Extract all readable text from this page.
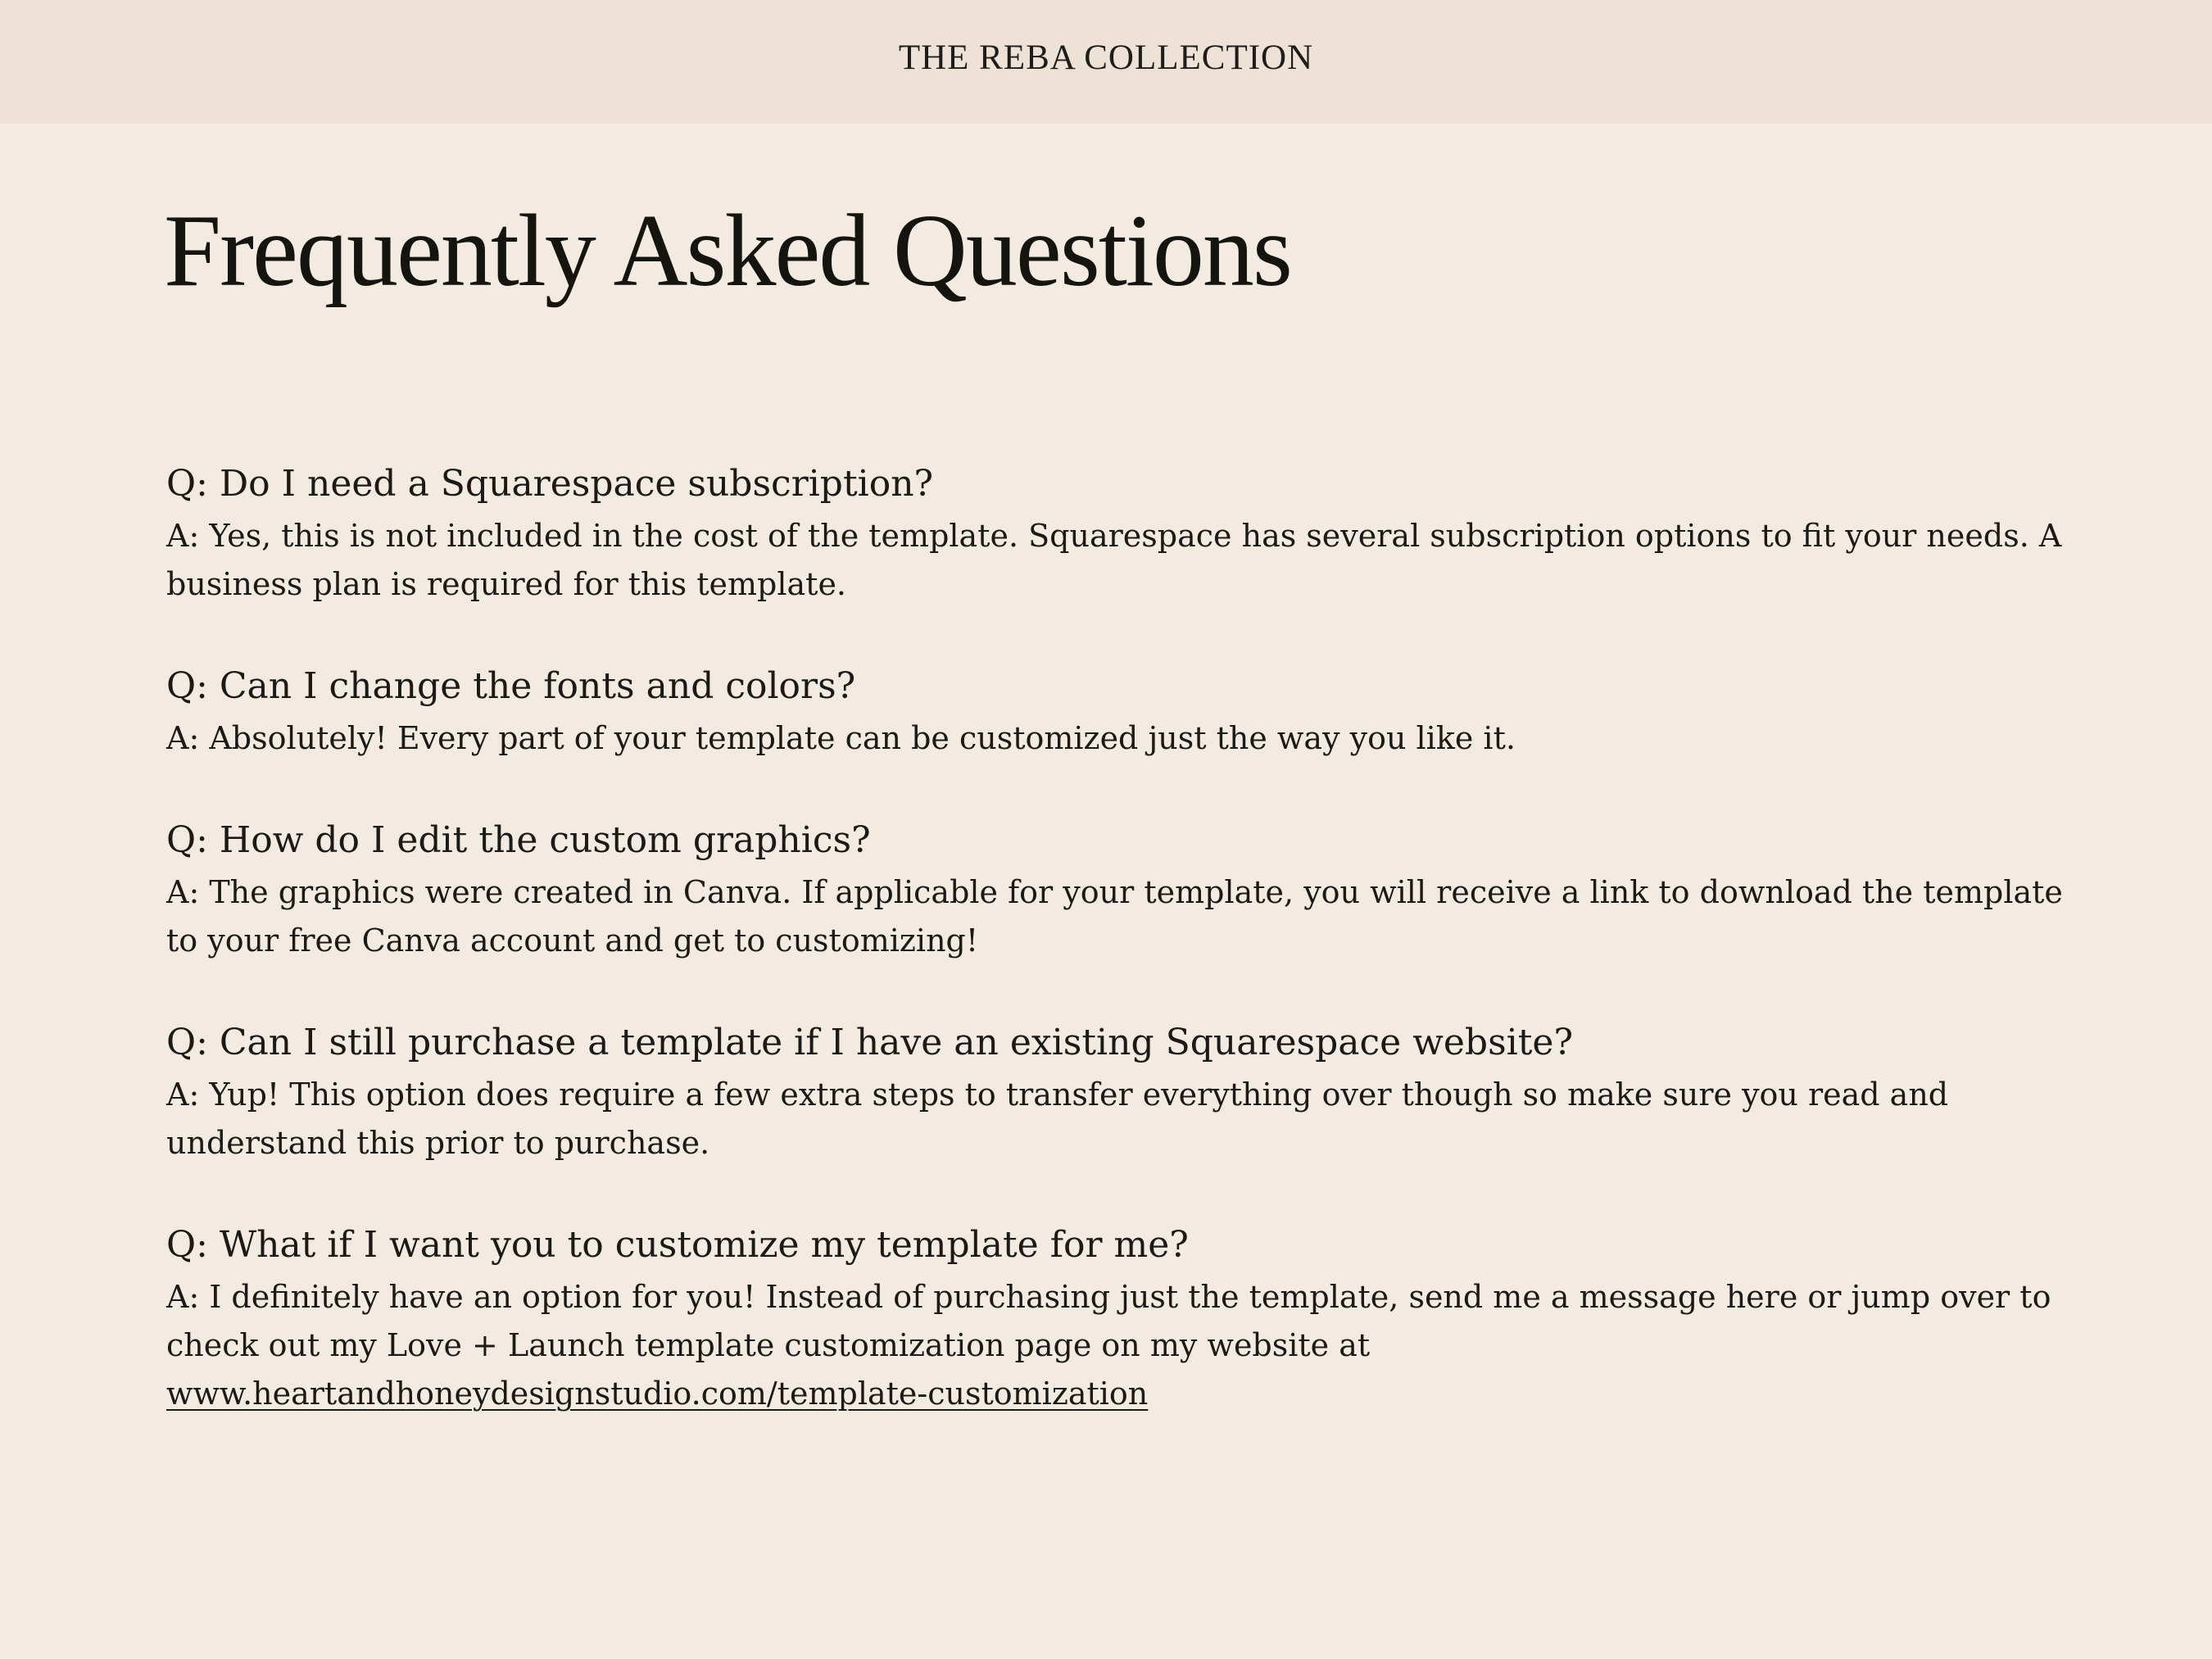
THE REBA COLLECTION
Frequently Asked Questions
Q: Do I need a Squarespace subscription?
A: Yes, this is not included in the cost of the template. Squarespace has several subscription options to fit your needs. A business plan is required for this template.
Q: Can I change the fonts and colors?
A: Absolutely! Every part of your template can be customized just the way you like it.
Q: How do I edit the custom graphics?
A: The graphics were created in Canva. If applicable for your template, you will receive a link to download the template to your free Canva account and get to customizing!
Q: Can I still purchase a template if I have an existing Squarespace website?
A: Yup! This option does require a few extra steps to transfer everything over though so make sure you read and understand this prior to purchase.
Q: What if I want you to customize my template for me?
A: I definitely have an option for you! Instead of purchasing just the template, send me a message here or jump over to check out my Love + Launch template customization page on my website at
www.heartandhoneydesignstudio.com/template-customization
